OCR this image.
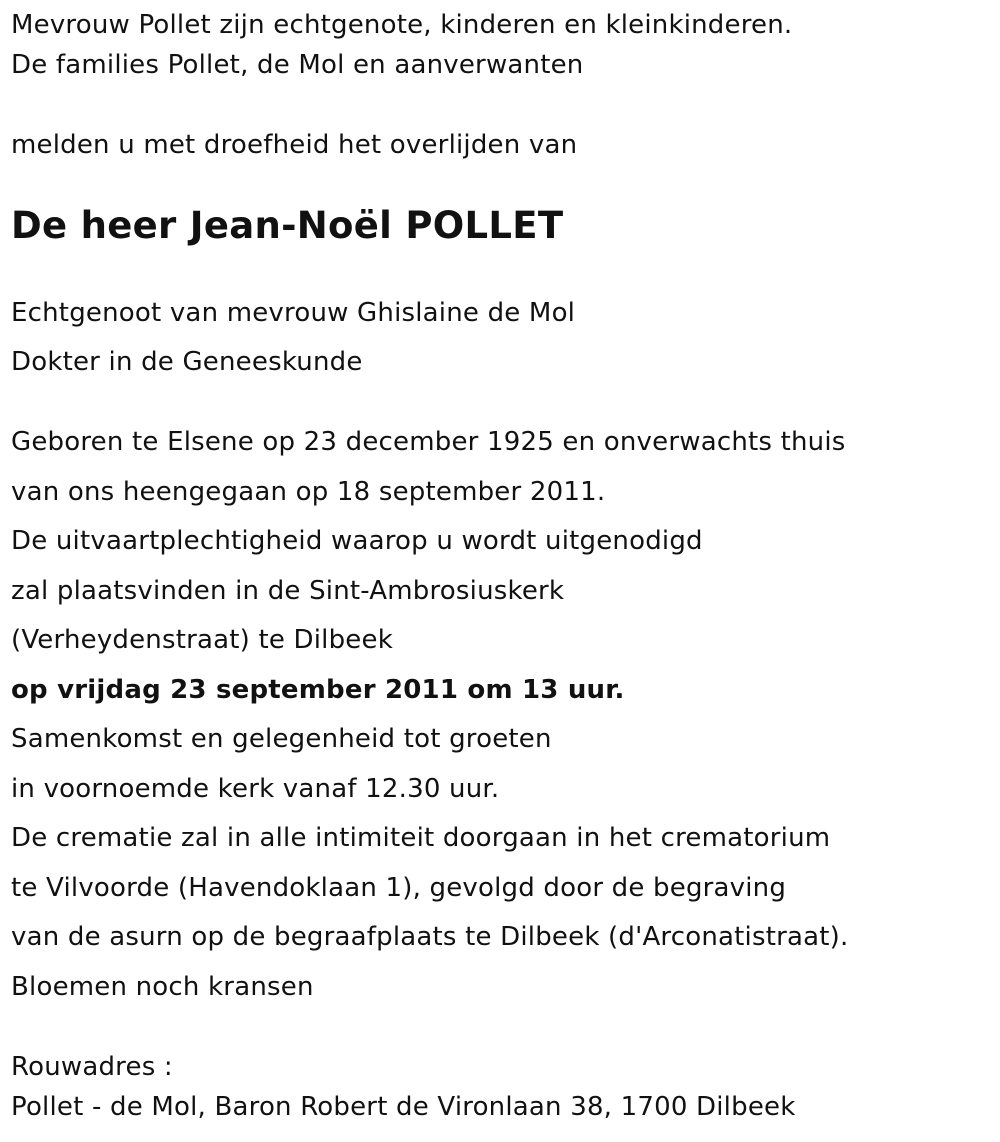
Mevrouw Pollet zijn echtgenote, kinderen en kleinkinderen.
De families Pollet, de Mol en aanverwanten
melden u met droefheid het overlijden van
De heer Jean-Noël POLLET
Echtgenoot van mevrouw Ghislaine de Mol
Dokter in de Geneeskunde
Geboren te Elsene op 23 december 1925 en onverwachts thuis
van ons heengegaan op 18 september 2011.
De uitvaartplechtigheid waarop u wordt uitgenodigd
zal plaatsvinden in de Sint-Ambrosiuskerk
(Verheydenstraat) te Dilbeek
op vrijdag 23 september 2011 om 13 uur.
Samenkomst en gelegenheid tot groeten
in voornoemde kerk vanaf 12.30 uur.
De crematie zal in alle intimiteit doorgaan in het crematorium
te Vilvoorde (Havendoklaan 1), gevolgd door de begraving
van de asurn op de begraafplaats te Dilbeek (d'Arconatistraat).
Bloemen noch kransen
Rouwadres :
Pollet - de Mol, Baron Robert de Vironlaan 38, 1700 Dilbeek
